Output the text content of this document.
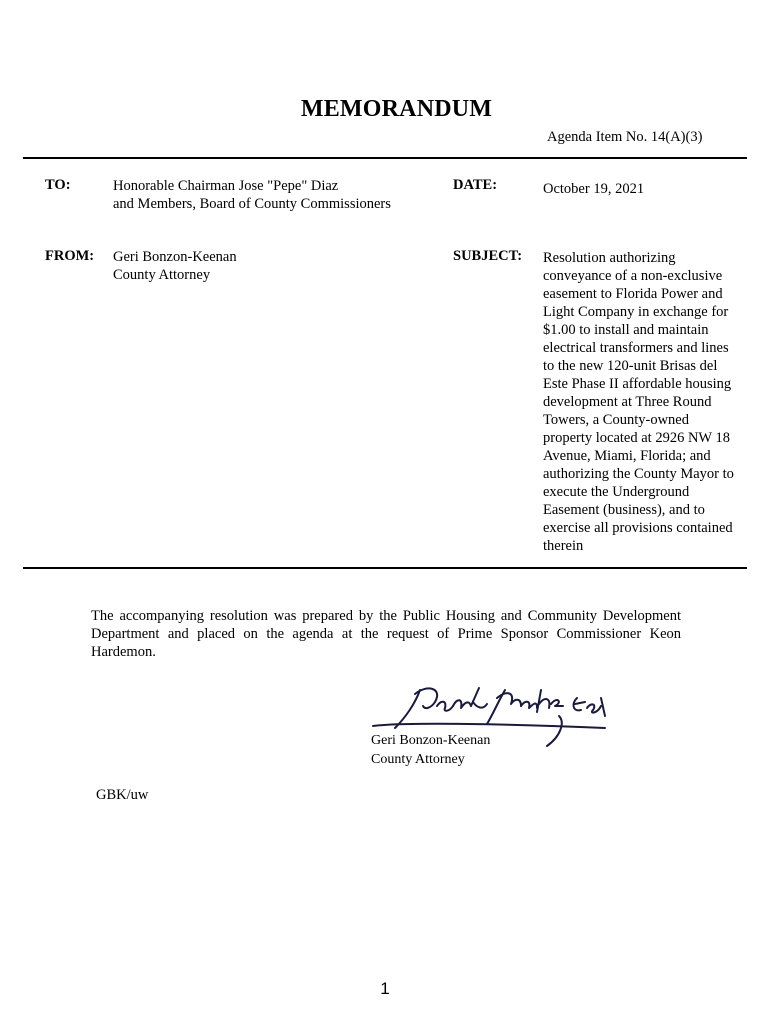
MEMORANDUM
Agenda Item No. 14(A)(3)
TO:	Honorable Chairman Jose "Pepe" Diaz
and Members, Board of County Commissioners
DATE:	October 19, 2021
FROM: Geri Bonzon-Keenan
County Attorney
SUBJECT: Resolution authorizing
conveyance of a non-exclusive
easement to Florida Power and
Light Company in exchange for
$1.00 to install and maintain
electrical transformers and lines
to the new 120-unit Brisas del
Este Phase II affordable housing
development at Three Round
Towers, a County-owned
property located at 2926 NW 18
Avenue, Miami, Florida; and
authorizing the County Mayor to
execute the Underground
Easement (business), and to
exercise all provisions contained
therein
The accompanying resolution was prepared by the Public Housing and Community Development Department and placed on the agenda at the request of Prime Sponsor Commissioner Keon Hardemon.
Geri Bonzon-Keenan
County Attorney
GBK/uw
1
